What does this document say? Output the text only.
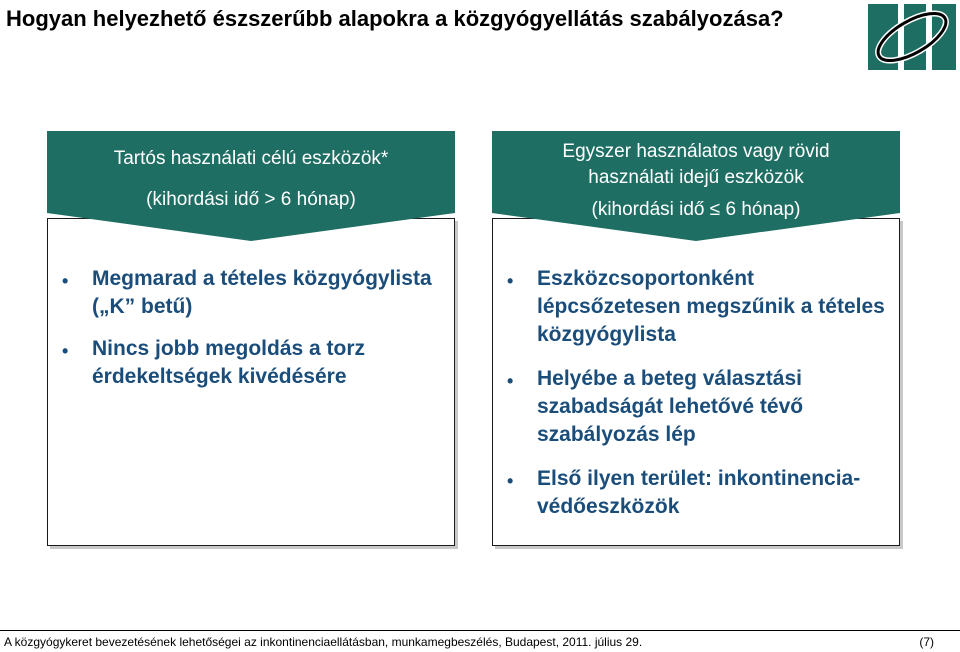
Hogyan helyezhető észszerűbb alapokra a közgyógyellátás szabályozása?
• Megmarad a tételes közgyógylista („K” betű)
• Nincs jobb megoldás a torz érdekeltségek kivédésére
Tartós használati célú eszközök*
(kihordási idő > 6 hónap)
• Eszközcsoportonként lépcsőzetesen megszűnik a tételes közgyógylista
• Helyébe a beteg választási szabadságát lehetővé tévő szabályozás lép
• Első ilyen terület: inkontinencia-védőeszközök
Egyszer használatos vagy rövid használati idejű eszközök
(kihordási idő ≤ 6 hónap)
A közgyógykeret bevezetésének lehetőségei az inkontinenciaellátásban, munkamegbeszélés, Budapest, 2011. július 29.	(7)
